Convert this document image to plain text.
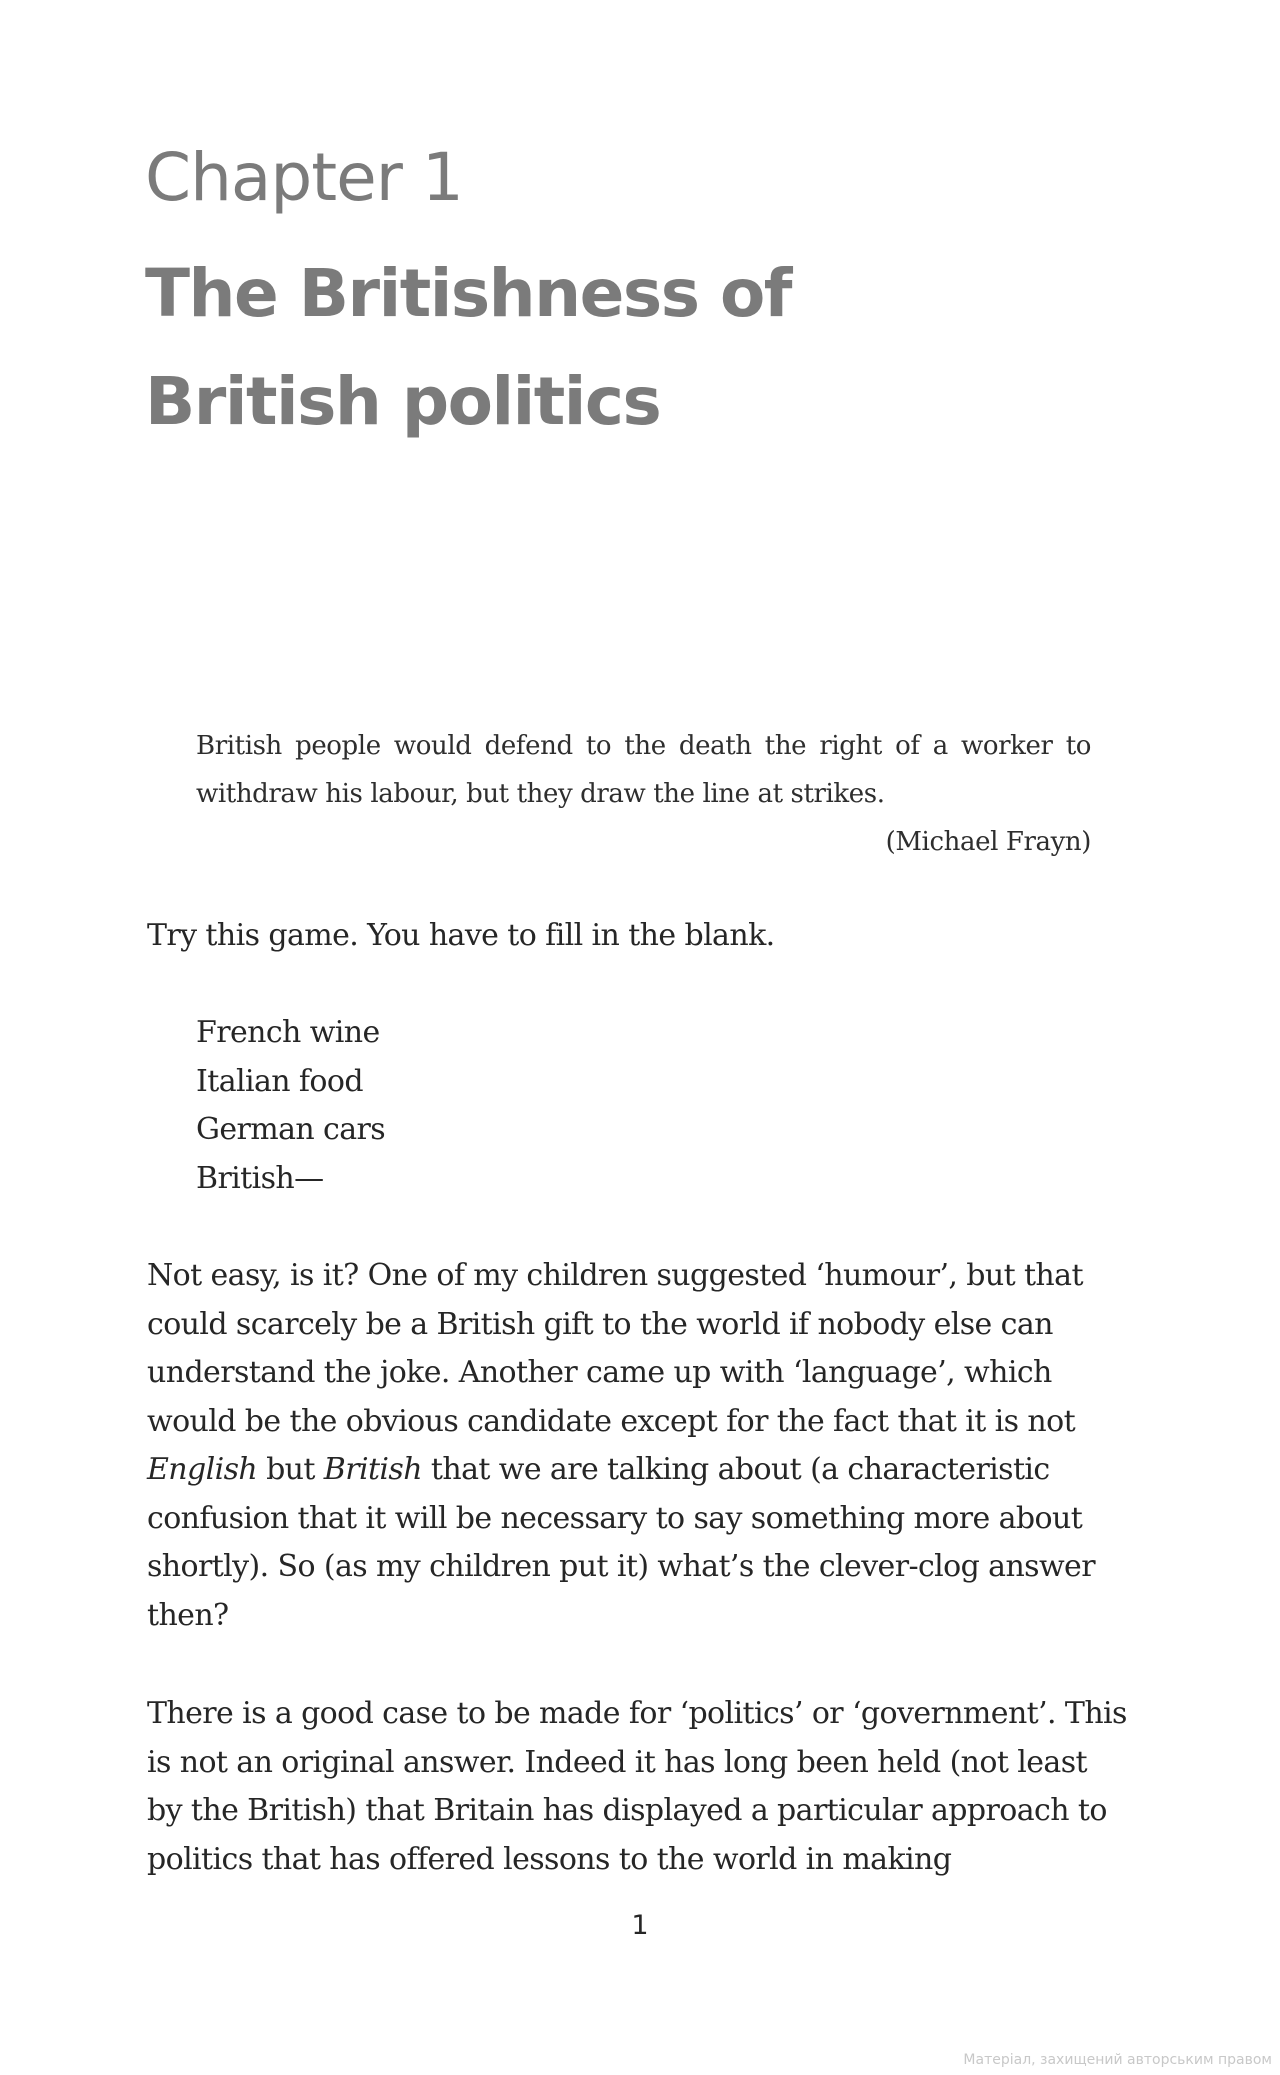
Chapter 1
The Britishness of
British politics
British people would defend to the death the right of a worker to
withdraw his labour, but they draw the line at strikes.
(Michael Frayn)
Try this game. You have to fill in the blank.
French wine
Italian food
German cars
British—
Not easy, is it? One of my children suggested ‘humour’, but that
could scarcely be a British gift to the world if nobody else can
understand the joke. Another came up with ‘language’, which
would be the obvious candidate except for the fact that it is not
English but British that we are talking about (a characteristic
confusion that it will be necessary to say something more about
shortly). So (as my children put it) what’s the clever-clog answer
then?
There is a good case to be made for ‘politics’ or ‘government’. This
is not an original answer. Indeed it has long been held (not least
by the British) that Britain has displayed a particular approach to
politics that has offered lessons to the world in making
1
Матеріал, захищений авторським правом
